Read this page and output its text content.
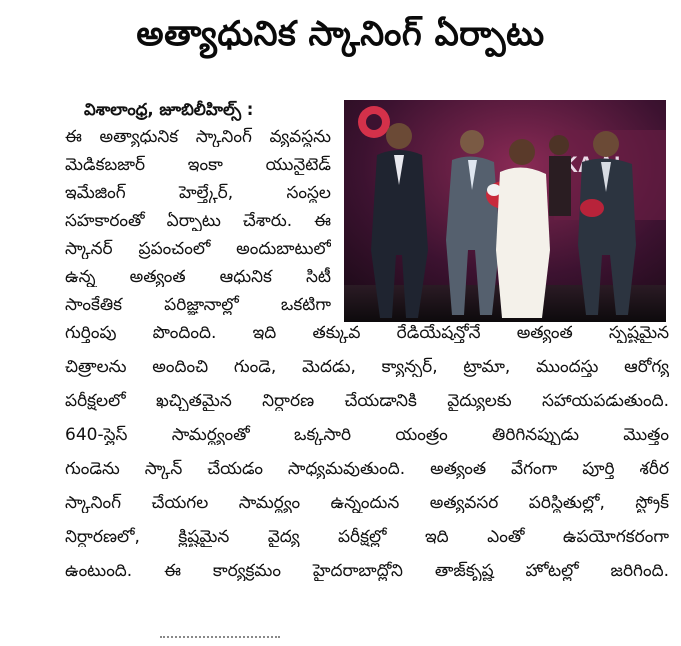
అత్యాధునిక స్కానింగ్ ఏర్పాటు
విశాలాంధ్ర, జూబిలీహిల్స్ :
ఈ అత్యాధునిక స్కానింగ్ వ్యవస్థను
మెడికబజార్ ఇంకా యునైటెడ్
ఇమేజింగ్ హెల్త్కేర్, సంస్థల
సహకారంతో ఏర్పాటు చేశారు. ఈ
స్కానర్ ప్రపంచంలో అందుబాటులో
ఉన్న అత్యంత ఆధునిక సిటీ
సాంకేతిక పరిజ్ఞానాల్లో ఒకటిగా
గుర్తింపు పొందింది. ఇది తక్కువ రేడియేషన్తోనే అత్యంత స్పష్టమైన
చిత్రాలను అందించి గుండె, మెదడు, క్యాన్సర్, ట్రామా, ముందస్తు ఆరోగ్య
పరీక్షలలో ఖచ్చితమైన నిర్ధారణ చేయడానికి వైద్యులకు సహాయపడుతుంది.
640-స్లైస్ సామర్థ్యంతో ఒక్కసారి యంత్రం తిరిగినప్పుడు మొత్తం
గుండెను స్కాన్ చేయడం సాధ్యమవుతుంది. అత్యంత వేగంగా పూర్తి శరీర
స్కానింగ్ చేయగల సామర్థ్యం ఉన్నందున అత్యవసర పరిస్థితుల్లో, స్ట్రోక్
నిర్ధారణలో, క్లిష్టమైన వైద్య పరీక్షల్లో ఇది ఎంతో ఉపయోగకరంగా
ఉంటుంది. ఈ కార్యక్రమం హైదరాబాద్లోని తాజ్‌కృష్ణ హోటల్లో జరిగింది.
KA
